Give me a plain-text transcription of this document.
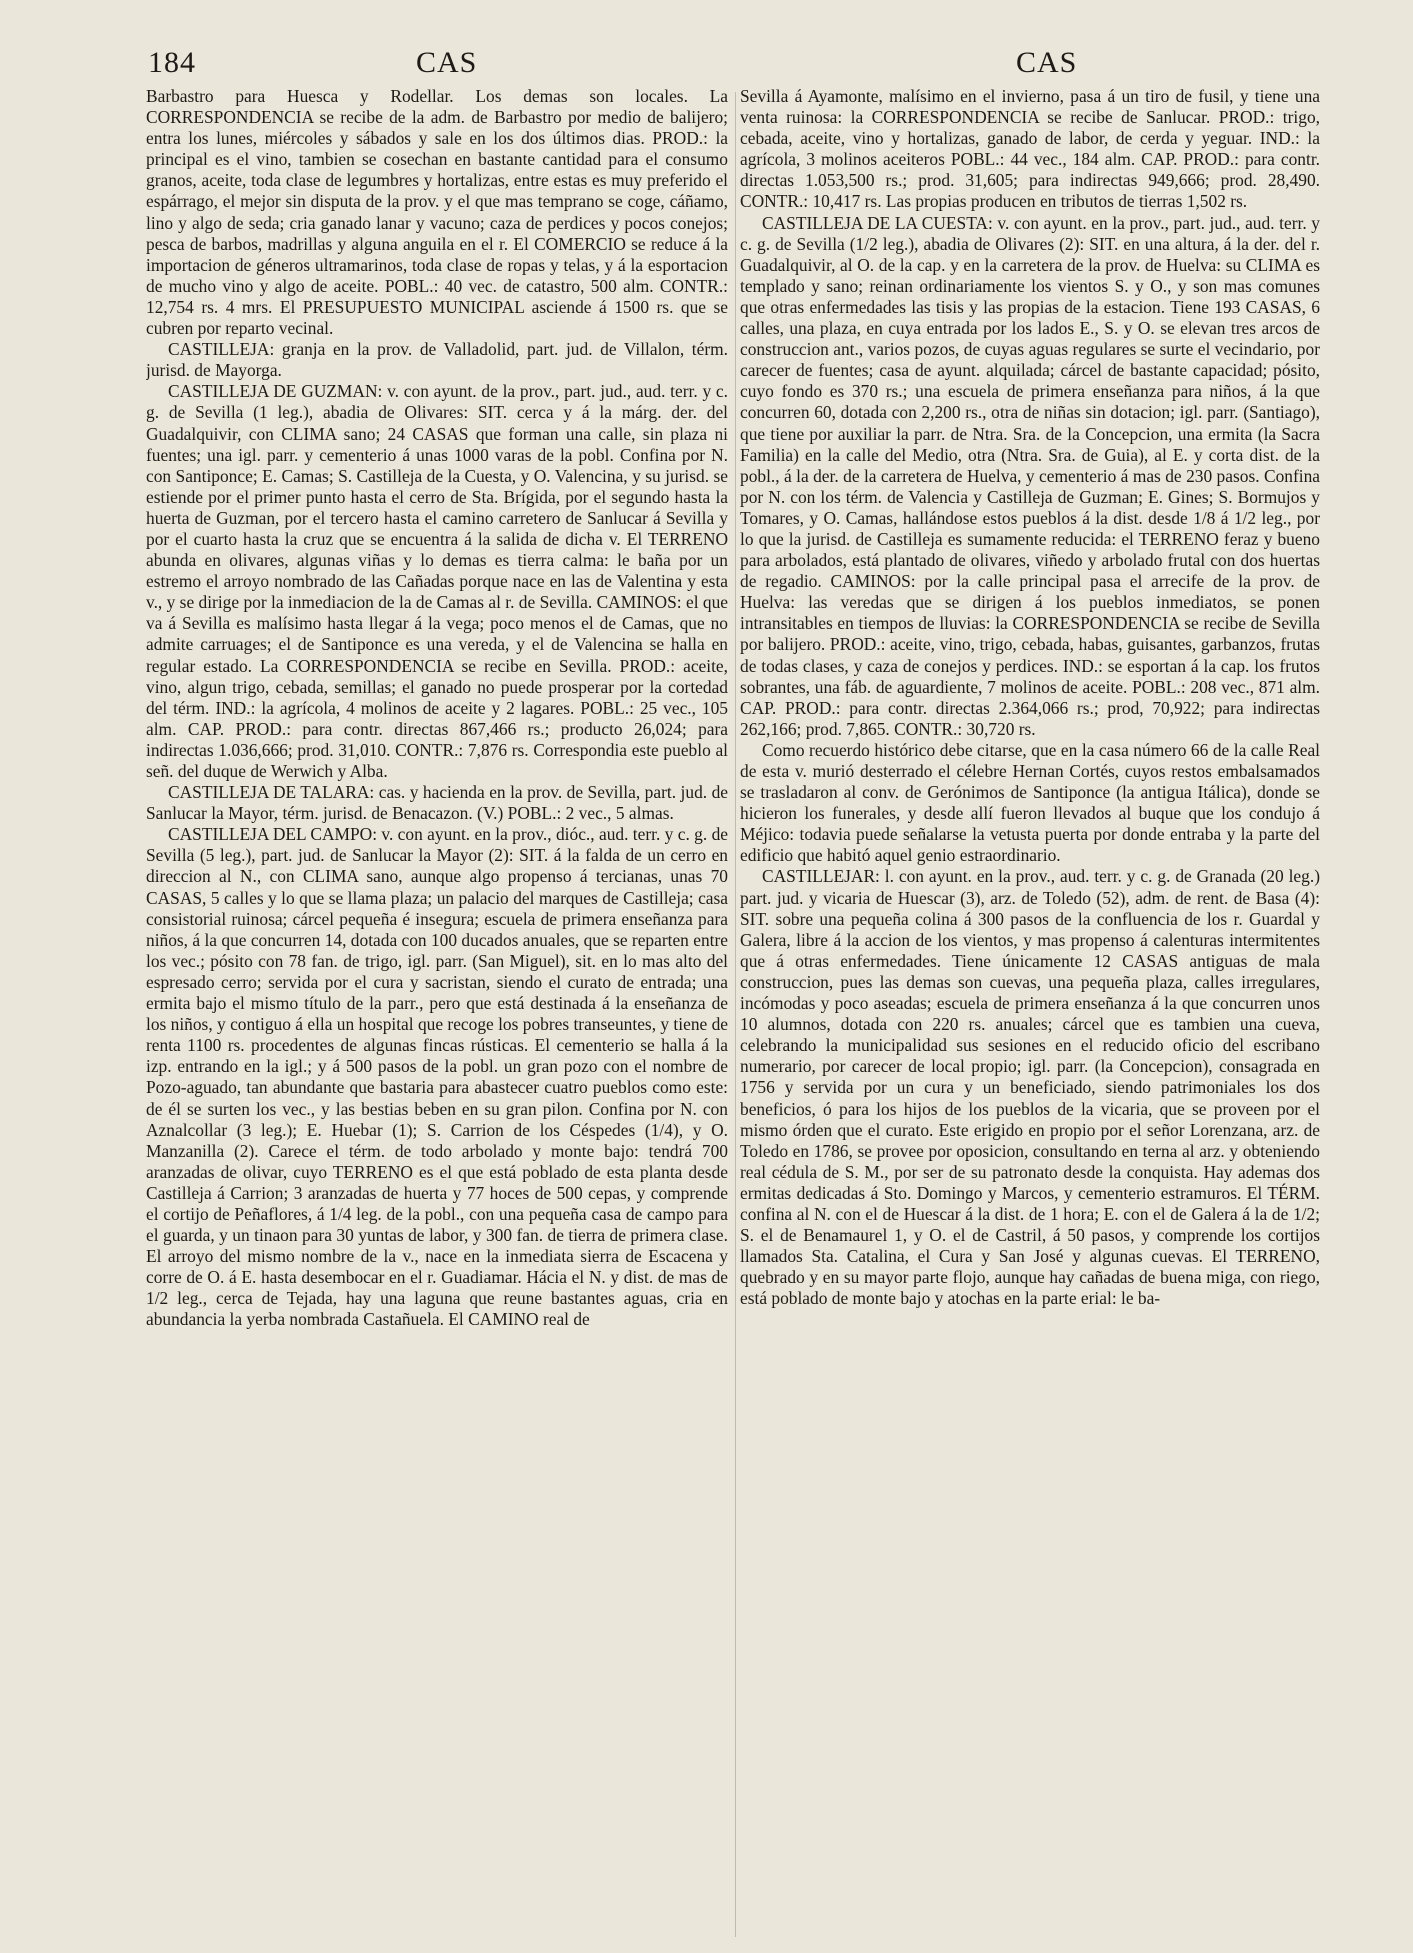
184	CAS	CAS

Barbastro para Huesca y Rodellar. Los demas son locales. La CORRESPONDENCIA se recibe de la adm. de Barbastro por medio de balijero; entra los lunes, miércoles y sábados y sale en los dos últimos dias. PROD.: la principal es el vino, tambien se cosechan en bastante cantidad para el consumo granos, aceite, toda clase de legumbres y hortalizas, entre estas es muy preferido el espárrago, el mejor sin disputa de la prov. y el que mas temprano se coge, cáñamo, lino y algo de seda; cria ganado lanar y vacuno; caza de perdices y pocos conejos; pesca de barbos, madrillas y alguna anguila en el r. El COMERCIO se reduce á la importacion de géneros ultramarinos, toda clase de ropas y telas, y á la esportacion de mucho vino y algo de aceite. POBL.: 40 vec. de catastro, 500 alm. CONTR.: 12,754 rs. 4 mrs. El PRESUPUESTO MUNICIPAL asciende á 1500 rs. que se cubren por reparto vecinal.

CASTILLEJA: granja en la prov. de Valladolid, part. jud. de Villalon, térm. jurisd. de Mayorga.

CASTILLEJA DE GUZMAN: v. con ayunt. de la prov., part. jud., aud. terr. y c. g. de Sevilla (1 leg.), abadia de Olivares: SIT. cerca y á la márg. der. del Guadalquivir, con CLIMA sano; 24 CASAS que forman una calle, sin plaza ni fuentes; una igl. parr. y cementerio á unas 1000 varas de la pobl. Confina por N. con Santiponce; E. Camas; S. Castilleja de la Cuesta, y O. Valencina, y su jurisd. se estiende por el primer punto hasta el cerro de Sta. Brígida, por el segundo hasta la huerta de Guzman, por el tercero hasta el camino carretero de Sanlucar á Sevilla y por el cuarto hasta la cruz que se encuentra á la salida de dicha v. El TERRENO abunda en olivares, algunas viñas y lo demas es tierra calma: le baña por un estremo el arroyo nombrado de las Cañadas porque nace en las de Valentina y esta v., y se dirige por la inmediacion de la de Camas al r. de Sevilla. CAMINOS: el que va á Sevilla es malísimo hasta llegar á la vega; poco menos el de Camas, que no admite carruages; el de Santiponce es una vereda, y el de Valencina se halla en regular estado. La CORRESPONDENCIA se recibe en Sevilla. PROD.: aceite, vino, algun trigo, cebada, semillas; el ganado no puede prosperar por la cortedad del térm. IND.: la agrícola, 4 molinos de aceite y 2 lagares. POBL.: 25 vec., 105 alm. CAP. PROD.: para contr. directas 867,466 rs.; producto 26,024; para indirectas 1.036,666; prod. 31,010. CONTR.: 7,876 rs. Correspondia este pueblo al señ. del duque de Werwich y Alba.

CASTILLEJA DE TALARA: cas. y hacienda en la prov. de Sevilla, part. jud. de Sanlucar la Mayor, térm. jurisd. de Benacazon. (V.) POBL.: 2 vec., 5 almas.

CASTILLEJA DEL CAMPO: v. con ayunt. en la prov., dióc., aud. terr. y c. g. de Sevilla (5 leg.), part. jud. de Sanlucar la Mayor (2): SIT. á la falda de un cerro en direccion al N., con CLIMA sano, aunque algo propenso á tercianas, unas 70 CASAS, 5 calles y lo que se llama plaza; un palacio del marques de Castilleja; casa consistorial ruinosa; cárcel pequeña é insegura; escuela de primera enseñanza para niños, á la que concurren 14, dotada con 100 ducados anuales, que se reparten entre los vec.; pósito con 78 fan. de trigo, igl. parr. (San Miguel), sit. en lo mas alto del espresado cerro; servida por el cura y sacristan, siendo el curato de entrada; una ermita bajo el mismo título de la parr., pero que está destinada á la enseñanza de los niños, y contiguo á ella un hospital que recoge los pobres transeuntes, y tiene de renta 1100 rs. procedentes de algunas fincas rústicas. El cementerio se halla á la izp. entrando en la igl.; y á 500 pasos de la pobl. un gran pozo con el nombre de Pozo-aguado, tan abundante que bastaria para abastecer cuatro pueblos como este: de él se surten los vec., y las bestias beben en su gran pilon. Confina por N. con Aznalcollar (3 leg.); E. Huebar (1); S. Carrion de los Céspedes (1/4), y O. Manzanilla (2). Carece el térm. de todo arbolado y monte bajo: tendrá 700 aranzadas de olivar, cuyo TERRENO es el que está poblado de esta planta desde Castilleja á Carrion; 3 aranzadas de huerta y 77 hoces de 500 cepas, y comprende el cortijo de Peñaflores, á 1/4 leg. de la pobl., con una pequeña casa de campo para el guarda, y un tinaon para 30 yuntas de labor, y 300 fan. de tierra de primera clase. El arroyo del mismo nombre de la v., nace en la inmediata sierra de Escacena y corre de O. á E. hasta desembocar en el r. Guadiamar. Hácia el N. y dist. de mas de 1/2 leg., cerca de Tejada, hay una laguna que reune bastantes aguas, cria en abundancia la yerba nombrada Castañuela. El CAMINO real de

Sevilla á Ayamonte, malísimo en el invierno, pasa á un tiro de fusil, y tiene una venta ruinosa: la CORRESPONDENCIA se recibe de Sanlucar. PROD.: trigo, cebada, aceite, vino y hortalizas, ganado de labor, de cerda y yeguar. IND.: la agrícola, 3 molinos aceiteros POBL.: 44 vec., 184 alm. CAP. PROD.: para contr. directas 1.053,500 rs.; prod. 31,605; para indirectas 949,666; prod. 28,490. CONTR.: 10,417 rs. Las propias producen en tributos de tierras 1,502 rs.

CASTILLEJA DE LA CUESTA: v. con ayunt. en la prov., part. jud., aud. terr. y c. g. de Sevilla (1/2 leg.), abadia de Olivares (2): SIT. en una altura, á la der. del r. Guadalquivir, al O. de la cap. y en la carretera de la prov. de Huelva: su CLIMA es templado y sano; reinan ordinariamente los vientos S. y O., y son mas comunes que otras enfermedades las tisis y las propias de la estacion. Tiene 193 CASAS, 6 calles, una plaza, en cuya entrada por los lados E., S. y O. se elevan tres arcos de construccion ant., varios pozos, de cuyas aguas regulares se surte el vecindario, por carecer de fuentes; casa de ayunt. alquilada; cárcel de bastante capacidad; pósito, cuyo fondo es 370 rs.; una escuela de primera enseñanza para niños, á la que concurren 60, dotada con 2,200 rs., otra de niñas sin dotacion; igl. parr. (Santiago), que tiene por auxiliar la parr. de Ntra. Sra. de la Concepcion, una ermita (la Sacra Familia) en la calle del Medio, otra (Ntra. Sra. de Guia), al E. y corta dist. de la pobl., á la der. de la carretera de Huelva, y cementerio á mas de 230 pasos. Confina por N. con los térm. de Valencia y Castilleja de Guzman; E. Gines; S. Bormujos y Tomares, y O. Camas, hallándose estos pueblos á la dist. desde 1/8 á 1/2 leg., por lo que la jurisd. de Castilleja es sumamente reducida: el TERRENO feraz y bueno para arbolados, está plantado de olivares, viñedo y arbolado frutal con dos huertas de regadio. CAMINOS: por la calle principal pasa el arrecife de la prov. de Huelva: las veredas que se dirigen á los pueblos inmediatos, se ponen intransitables en tiempos de lluvias: la CORRESPONDENCIA se recibe de Sevilla por balijero. PROD.: aceite, vino, trigo, cebada, habas, guisantes, garbanzos, frutas de todas clases, y caza de conejos y perdices. IND.: se esportan á la cap. los frutos sobrantes, una fáb. de aguardiente, 7 molinos de aceite. POBL.: 208 vec., 871 alm. CAP. PROD.: para contr. directas 2.364,066 rs.; prod, 70,922; para indirectas 262,166; prod. 7,865. CONTR.: 30,720 rs.

Como recuerdo histórico debe citarse, que en la casa número 66 de la calle Real de esta v. murió desterrado el célebre Hernan Cortés, cuyos restos embalsamados se trasladaron al conv. de Gerónimos de Santiponce (la antigua Itálica), donde se hicieron los funerales, y desde allí fueron llevados al buque que los condujo á Méjico: todavia puede señalarse la vetusta puerta por donde entraba y la parte del edificio que habitó aquel genio estraordinario.

CASTILLEJAR: l. con ayunt. en la prov., aud. terr. y c. g. de Granada (20 leg.) part. jud. y vicaria de Huescar (3), arz. de Toledo (52), adm. de rent. de Basa (4): SIT. sobre una pequeña colina á 300 pasos de la confluencia de los r. Guardal y Galera, libre á la accion de los vientos, y mas propenso á calenturas intermitentes que á otras enfermedades. Tiene únicamente 12 CASAS antiguas de mala construccion, pues las demas son cuevas, una pequeña plaza, calles irregulares, incómodas y poco aseadas; escuela de primera enseñanza á la que concurren unos 10 alumnos, dotada con 220 rs. anuales; cárcel que es tambien una cueva, celebrando la municipalidad sus sesiones en el reducido oficio del escribano numerario, por carecer de local propio; igl. parr. (la Concepcion), consagrada en 1756 y servida por un cura y un beneficiado, siendo patrimoniales los dos beneficios, ó para los hijos de los pueblos de la vicaria, que se proveen por el mismo órden que el curato. Este erigido en propio por el señor Lorenzana, arz. de Toledo en 1786, se provee por oposicion, consultando en terna al arz. y obteniendo real cédula de S. M., por ser de su patronato desde la conquista. Hay ademas dos ermitas dedicadas á Sto. Domingo y Marcos, y cementerio estramuros. El TÉRM. confina al N. con el de Huescar á la dist. de 1 hora; E. con el de Galera á la de 1/2; S. el de Benamaurel 1, y O. el de Castril, á 50 pasos, y comprende los cortijos llamados Sta. Catalina, el Cura y San José y algunas cuevas. El TERRENO, quebrado y en su mayor parte flojo, aunque hay cañadas de buena miga, con riego, está poblado de monte bajo y atochas en la parte erial: le ba-
